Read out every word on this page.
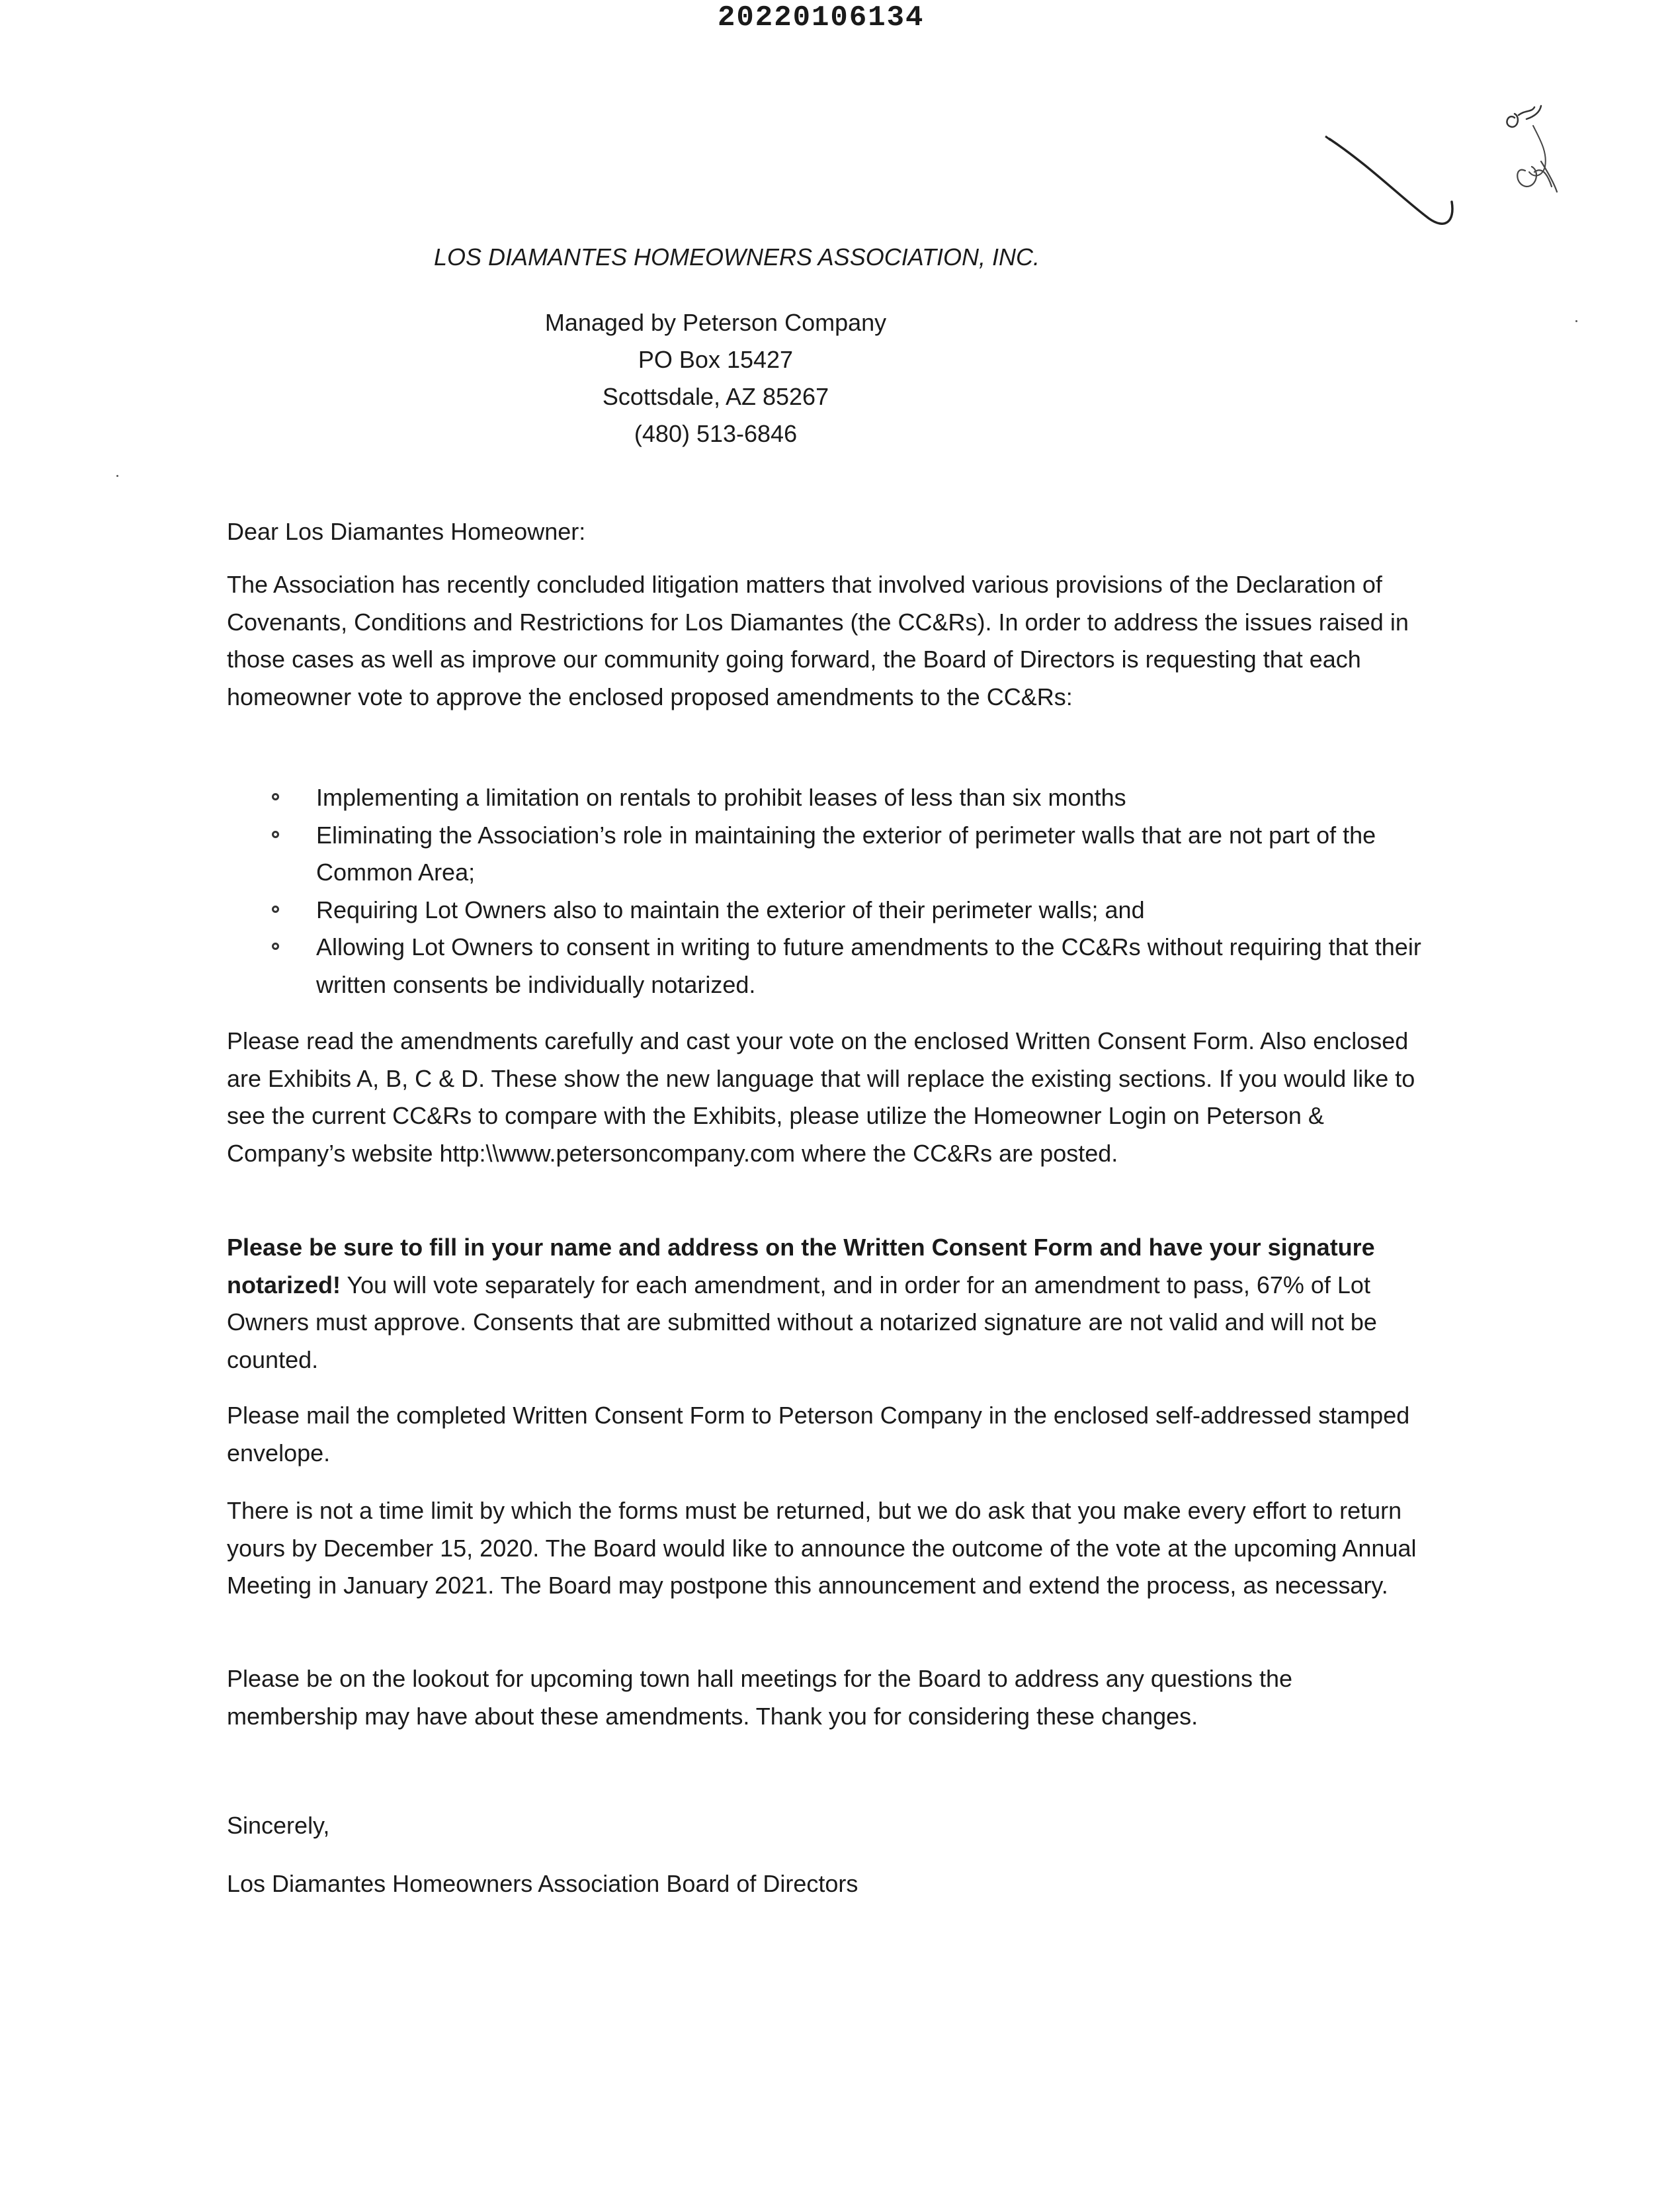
20220106134
LOS DIAMANTES HOMEOWNERS ASSOCIATION, INC.
Managed by Peterson Company
PO Box 15427
Scottsdale, AZ 85267
(480) 513-6846

Dear Los Diamantes Homeowner:

The Association has recently concluded litigation matters that involved various provisions of the Declaration of Covenants, Conditions and Restrictions for Los Diamantes (the CC&Rs). In order to address the issues raised in those cases as well as improve our community going forward, the Board of Directors is requesting that each homeowner vote to approve the enclosed proposed amendments to the CC&Rs:

Implementing a limitation on rentals to prohibit leases of less than six months
Eliminating the Association’s role in maintaining the exterior of perimeter walls that are not part of the Common Area;
Requiring Lot Owners also to maintain the exterior of their perimeter walls; and
Allowing Lot Owners to consent in writing to future amendments to the CC&Rs without requiring that their written consents be individually notarized.

Please read the amendments carefully and cast your vote on the enclosed Written Consent Form. Also enclosed are Exhibits A, B, C & D. These show the new language that will replace the existing sections. If you would like to see the current CC&Rs to compare with the Exhibits, please utilize the Homeowner Login on Peterson & Company’s website http:\\www.petersoncompany.com where the CC&Rs are posted.

Please be sure to fill in your name and address on the Written Consent Form and have your signature notarized! You will vote separately for each amendment, and in order for an amendment to pass, 67% of Lot Owners must approve. Consents that are submitted without a notarized signature are not valid and will not be counted.

Please mail the completed Written Consent Form to Peterson Company in the enclosed self-addressed stamped envelope.

There is not a time limit by which the forms must be returned, but we do ask that you make every effort to return yours by December 15, 2020. The Board would like to announce the outcome of the vote at the upcoming Annual Meeting in January 2021. The Board may postpone this announcement and extend the process, as necessary.

Please be on the lookout for upcoming town hall meetings for the Board to address any questions the membership may have about these amendments. Thank you for considering these changes.

Sincerely,

Los Diamantes Homeowners Association Board of Directors
